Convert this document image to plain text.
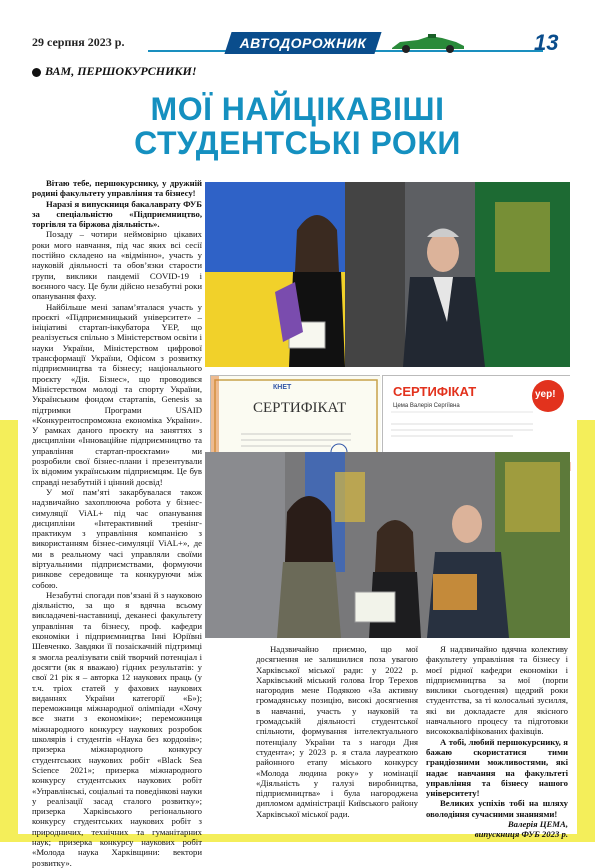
29 серпня 2023 р.	АВТОДОРОЖНИК	13
ВАМ, ПЕРШОКУРСНИКИ!
МОЇ НАЙЦІКАВІШІ
СТУДЕНТСЬКІ РОКИ

Вітаю тебе, першокурснику, у дружній родині факультету управління та бізнесу!

Наразі я випускниця бакалаврату ФУБ за спеціальністю «Підприємництво, торгівля та біржова діяльність».

Позаду – чотири неймовірно цікавих роки мого навчання, під час яких всі сесії постійно складено на «відмінно», участь у науковій діяльності та обов’язки старости групи, виклики пандемії COVID-19 і воєнного часу. Це були дійсно незабутні роки опанування фаху.

Найбільше мені запам’яталася участь у проєкті «Підприємницький університет» – ініціативі стартап-інкубатора YEP, що реалізується спільно з Міністерством освіти і науки України, Міністерством цифрової трансформації України, Офісом з розвитку підприємництва та бізнесу; національного проєкту «Дія. Бізнес», що проводився Міністерством молоді та спорту України, Українським фондом стартапів, Genesis за підтримки Програми USAID «Конкурентоспроможна економіка України». У рамках даного проєкту на заняттях з дисципліни «Інноваційне підприємництво та управління стартап-проєктами» ми розробили свої бізнес-плани і презентували їх відомим українським підприємцям. Це був справді незабутній і цінний досвід!

У мої пам’яті закарбувалася також надзвичайно захоплююча робота у бізнес-симуляції ViAL+ під час опанування дисципліни «Інтерактивний тренінг-практикум з управління компанією з використанням бізнес-симуляції ViAL+», де ми в реальному часі управляли своїми віртуальними підприємствами, формуючи ринкове середовище та конкуруючи між собою.

Незабутні спогади пов’язані й з науковою діяльністю, за що я вдячна всьому викладачеві-наставниці, деканесі факультету управління та бізнесу, проф. кафедри економіки і підприємництва Інні Юріївні Шевченко. Завдяки її позаіскачній підтримці я змогла реалізувати свій творчий потенціал і досягти (як я вважаю) гідних результатів: у свої 21 рік я – авторка 12 наукових праць (у т.ч. тріох статей у фахових наукових виданнях України категорії «Б»); переможниця міжнародної олімпіади «Хочу все знати з економіки»; переможниця міжнародного конкурсу наукових розробок школярів і студентів «Наука без кордонів»; призерка міжнародного конкурсу студентських наукових робіт «Black Sea Science 2021»; призерка міжнародного конкурсу студентських наукових робіт «Управлінські, соціальні та поведінкові науки у реалізації засад сталого розвитку»; призерка Харківського регіонального конкурсу студентських наукових робіт з природничих, технічних та гуманітарних наук; призерка конкурсу наукових робіт «Молода наука Харківщини: вектори розвитку».

КНЕТ
СЕРТИФІКАТ
СЕРТИФІКАТ
Цема Валерія Сергіївна
yep!

Надзвичайно приємно, що мої досягнення не залишилися поза увагою Харківської міської ради: у 2022 р. Харківський міський голова Ігор Терехов нагородив мене Подякою «За активну громадянську позицію, високі досягнення в навчанні, участь у науковій та громадській діяльності студентської спільноти, формування інтелектуального потенціалу України та з нагоди Дня студента»; у 2023 р. я стала лауреаткою районного етапу міського конкурсу «Молода людина року» у номінації «Діяльність у галузі виробництва, підприємництва» і була нагороджена дипломом адміністрації Київського району Харківської міської ради.

Я надзвичайно вдячна колективу факультету управління та бізнесу і моєї рідної кафедри економіки і підприємництва за мої (порпи виклики сьогодення) щедрий роки студентства, за ті колосальні зусилля, які ви докладаєте для якісного навчального процесу та підготовки висококваліфікованих фахівців.

А тобі, любий першокурснику, я бажаю скористатися тими грандіозними можливостями, які надає навчання на факультеті управління та бізнесу нашого університету!

Великих успіхів тобі на шляху оволодіння сучасними знаннями!

Валерія ЦЕМА,

випускниця ФУБ 2023 р.
